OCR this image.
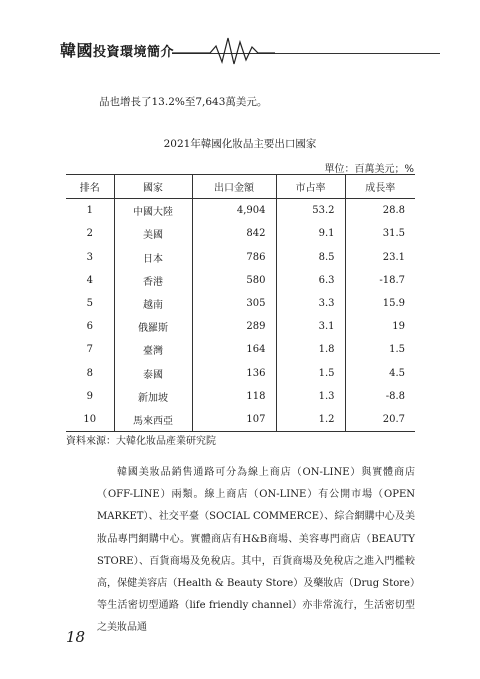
韓國投資環境簡介
品也增長了13.2%至7,643萬美元。
2021年韓國化妝品主要出口國家
單位：百萬美元；%
排名	國家	出口金額	市占率	成長率
1	中國大陸	4,904	53.2	28.8
2	美國	842	9.1	31.5
3	日本	786	8.5	23.1
4	香港	580	6.3	-18.7
5	越南	305	3.3	15.9
6	俄羅斯	289	3.1	19
7	臺灣	164	1.8	1.5
8	泰國	136	1.5	4.5
9	新加坡	118	1.3	-8.8
10	馬來西亞	107	1.2	20.7
資料來源：大韓化妝品產業研究院
韓國美妝品銷售通路可分為線上商店（ON-LINE）與實體商店（OFF-LINE）兩類。線上商店（ON-LINE）有公開市場（OPEN MARKET）、社交平臺（SOCIAL COMMERCE）、綜合網購中心及美妝品專門網購中心。實體商店有H&B商場、美容專門商店（BEAUTY STORE）、百貨商場及免稅店。其中，百貨商場及免稅店之進入門檻較高，保健美容店（Health & Beauty Store）及藥妝店（Drug Store）等生活密切型通路（life friendly channel）亦非常流行，生活密切型之美妝品通
18
